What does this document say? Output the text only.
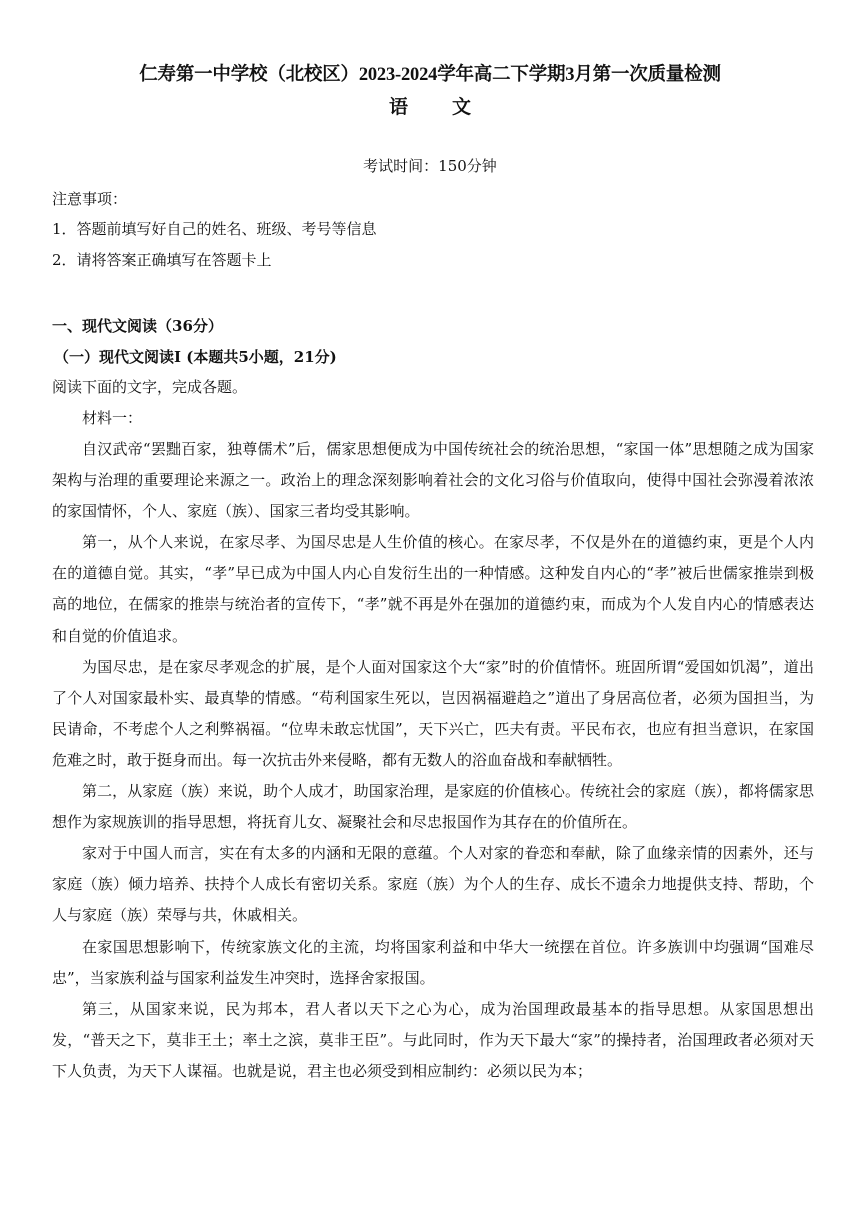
仁寿第一中学校（北校区）2023-2024学年高二下学期3月第一次质量检测
语 文
考试时间：150分钟
注意事项：
1．答题前填写好自己的姓名、班级、考号等信息
2．请将答案正确填写在答题卡上
一、现代文阅读（36分）
（一）现代文阅读I (本题共5小题，21分)
阅读下面的文字，完成各题。
材料一：

自汉武帝“罢黜百家，独尊儒术”后，儒家思想便成为中国传统社会的统治思想，“家国一体”思想随之成为国家架构与治理的重要理论来源之一。政治上的理念深刻影响着社会的文化习俗与价值取向，使得中国社会弥漫着浓浓的家国情怀，个人、家庭（族）、国家三者均受其影响。

第一，从个人来说，在家尽孝、为国尽忠是人生价值的核心。在家尽孝，不仅是外在的道德约束，更是个人内在的道德自觉。其实，“孝”早已成为中国人内心自发衍生出的一种情感。这种发自内心的“孝”被后世儒家推崇到极高的地位，在儒家的推崇与统治者的宣传下，“孝”就不再是外在强加的道德约束，而成为个人发自内心的情感表达和自觉的价值追求。

为国尽忠，是在家尽孝观念的扩展，是个人面对国家这个大“家”时的价值情怀。班固所谓“爱国如饥渴”，道出了个人对国家最朴实、最真挚的情感。“苟利国家生死以，岂因祸福避趋之”道出了身居高位者，必须为国担当，为民请命，不考虑个人之利弊祸福。“位卑未敢忘忧国”，天下兴亡，匹夫有责。平民布衣，也应有担当意识，在家国危难之时，敢于挺身而出。每一次抗击外来侵略，都有无数人的浴血奋战和奉献牺牲。

第二，从家庭（族）来说，助个人成才，助国家治理，是家庭的价值核心。传统社会的家庭（族），都将儒家思想作为家规族训的指导思想，将抚育儿女、凝聚社会和尽忠报国作为其存在的价值所在。

家对于中国人而言，实在有太多的内涵和无限的意蕴。个人对家的眷恋和奉献，除了血缘亲情的因素外，还与家庭（族）倾力培养、扶持个人成长有密切关系。家庭（族）为个人的生存、成长不遗余力地提供支持、帮助，个人与家庭（族）荣辱与共，休戚相关。

在家国思想影响下，传统家族文化的主流，均将国家利益和中华大一统摆在首位。许多族训中均强调“国难尽忠”，当家族利益与国家利益发生冲突时，选择舍家报国。

第三，从国家来说，民为邦本，君人者以天下之心为心，成为治国理政最基本的指导思想。从家国思想出发，“普天之下，莫非王土；率土之滨，莫非王臣”。与此同时，作为天下最大“家”的操持者，治国理政者必须对天下人负责，为天下人谋福。也就是说，君主也必须受到相应制约：必须以民为本；
